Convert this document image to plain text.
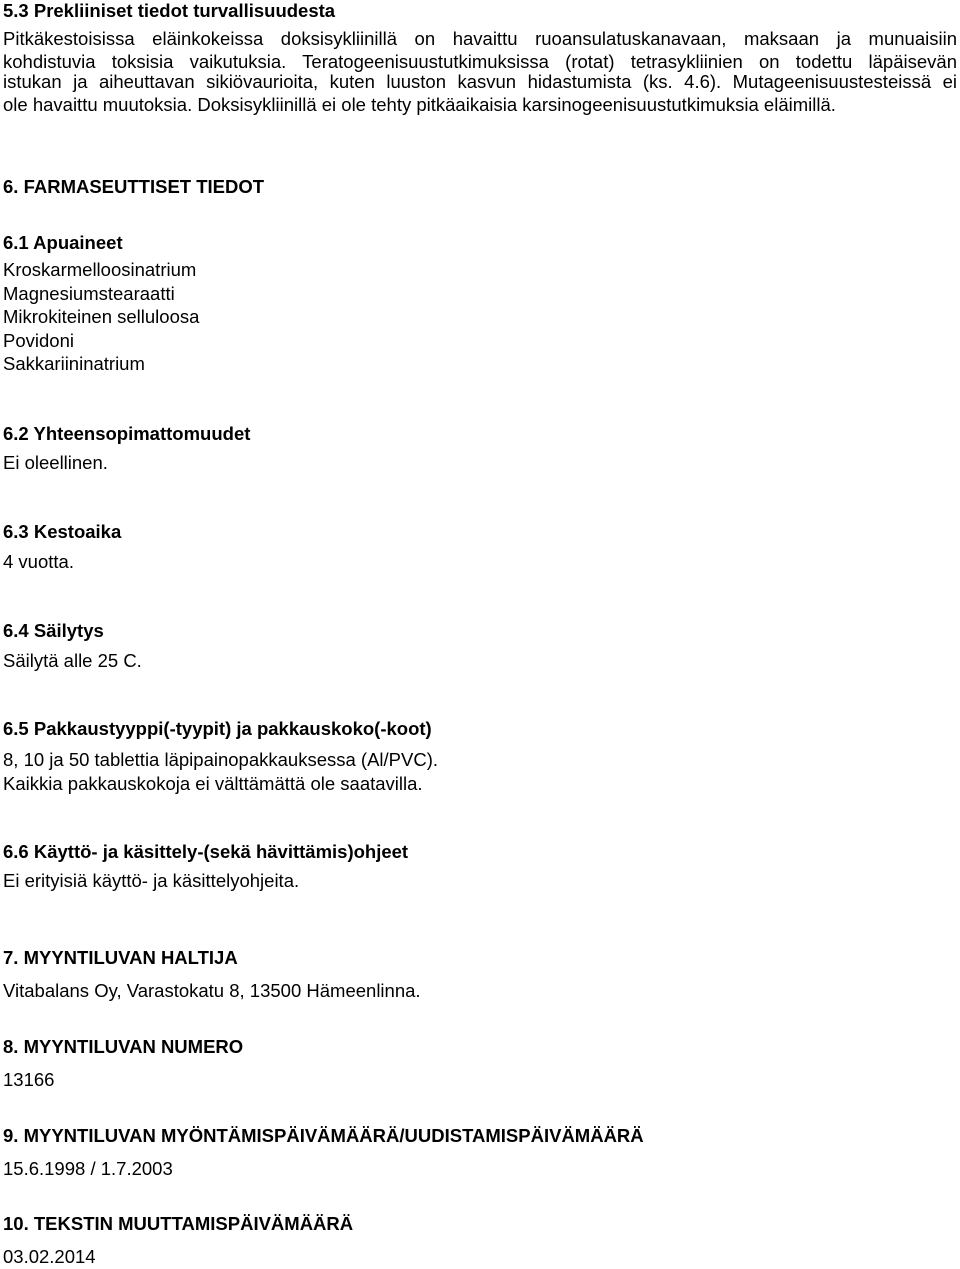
5.3 Prekliiniset tiedot turvallisuudesta
Pitkäkestoisissa eläinkokeissa doksisykliinillä on havaittu ruoansulatuskanavaan, maksaan ja munuaisiin
kohdistuvia toksisia vaikutuksia. Teratogeenisuustutkimuksissa (rotat) tetrasykliinien on todettu läpäisevän
istukan ja aiheuttavan sikiövaurioita, kuten luuston kasvun hidastumista (ks. 4.6). Mutageenisuustesteissä ei
ole havaittu muutoksia. Doksisykliinillä ei ole tehty pitkäaikaisia karsinogeenisuustutkimuksia eläimillä.
6. FARMASEUTTISET TIEDOT
6.1 Apuaineet
Kroskarmelloosinatrium
Magnesiumstearaatti
Mikrokiteinen selluloosa
Povidoni
Sakkariininatrium
6.2 Yhteensopimattomuudet
Ei oleellinen.
6.3 Kestoaika
4 vuotta.
6.4 Säilytys
Säilytä alle 25 C.
6.5 Pakkaustyyppi(-tyypit) ja pakkauskoko(-koot)
8, 10 ja 50 tablettia läpipainopakkauksessa (Al/PVC).
Kaikkia pakkauskokoja ei välttämättä ole saatavilla.
6.6 Käyttö- ja käsittely-(sekä hävittämis)ohjeet
Ei erityisiä käyttö- ja käsittelyohjeita.
7. MYYNTILUVAN HALTIJA
Vitabalans Oy, Varastokatu 8, 13500 Hämeenlinna.
8. MYYNTILUVAN NUMERO
13166
9. MYYNTILUVAN MYÖNTÄMISPÄIVÄMÄÄRÄ/UUDISTAMISPÄIVÄMÄÄRÄ
15.6.1998 / 1.7.2003
10. TEKSTIN MUUTTAMISPÄIVÄMÄÄRÄ
03.02.2014
